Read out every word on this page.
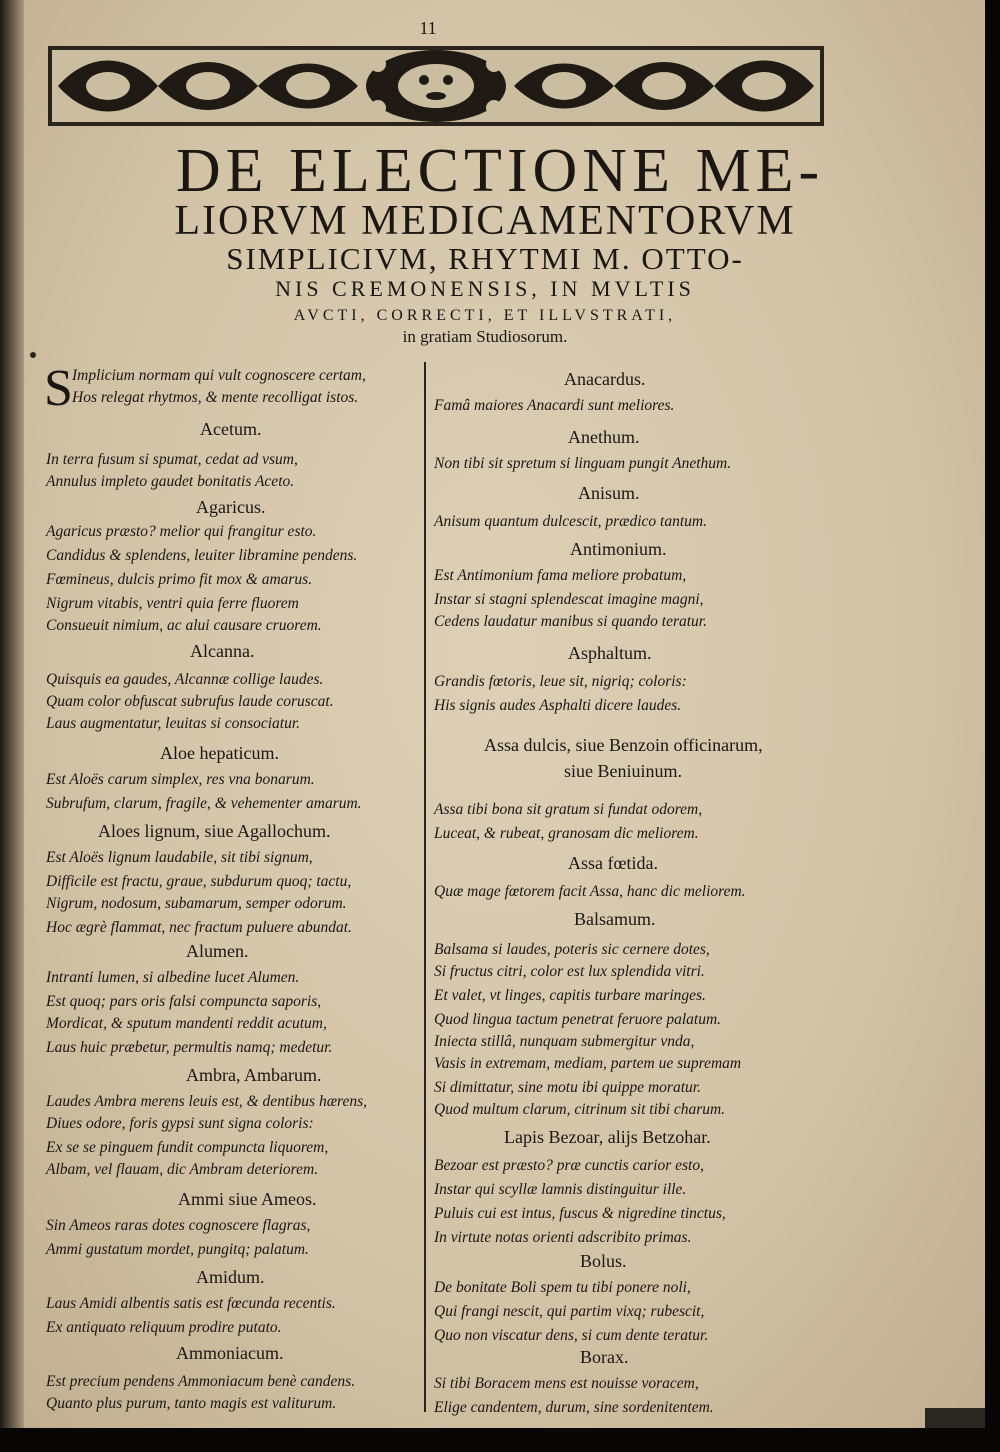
11
DE ELECTIONE ME-
LIORVM MEDICAMENTORVM
SIMPLICIVM, RHYTMI M. OTTO-
NIS CREMONENSIS, IN MVLTIS
AVCTI, CORRECTI, ET ILLVSTRATI,
in gratiam Studiosorum.
S Implicium normam qui vult cognoscere certam,
Hos relegat rhytmos, & mente recolligat istos.
Acetum.
In terra fusum si spumat, cedat ad vsum,
Annulus impleto gaudet bonitatis Aceto.
Agaricus.
Agaricus præsto? melior qui frangitur esto.
Candidus & splendens, leuiter libramine pendens.
Fœmineus, dulcis primo fit mox & amarus.
Nigrum vitabis, ventri quia ferre fluorem
Consueuit nimium, ac alui causare cruorem.
Alcanna.
Quisquis ea gaudes, Alcannæ collige laudes.
Quam color obfuscat subrufus laude coruscat.
Laus augmentatur, leuitas si consociatur.
Aloe hepaticum.
Est Aloës carum simplex, res vna bonarum.
Subrufum, clarum, fragile, & vehementer amarum.
Aloes lignum, siue Agallochum.
Est Aloës lignum laudabile, sit tibi signum,
Difficile est fractu, graue, subdurum quoq; tactu,
Nigrum, nodosum, subamarum, semper odorum.
Hoc ægrè flammat, nec fractum puluere abundat.
Alumen.
Intranti lumen, si albedine lucet Alumen.
Est quoq; pars oris falsi compuncta saporis,
Mordicat, & sputum mandenti reddit acutum,
Laus huic præbetur, permultis namq; medetur.
Ambra, Ambarum.
Laudes Ambra merens leuis est, & dentibus hærens,
Diues odore, foris gypsi sunt signa coloris:
Ex se se pinguem fundit compuncta liquorem,
Albam, vel flauam, dic Ambram deteriorem.
Ammi siue Ameos.
Sin Ameos raras dotes cognoscere flagras,
Ammi gustatum mordet, pungitq; palatum.
Amidum.
Laus Amidi albentis satis est fœcunda recentis.
Ex antiquato reliquum prodire putato.
Ammoniacum.
Est precium pendens Ammoniacum benè candens.
Quanto plus purum, tanto magis est valiturum.
Anacardus.
Famâ maiores Anacardi sunt meliores.
Anethum.
Non tibi sit spretum si linguam pungit Anethum.
Anisum.
Anisum quantum dulcescit, prædico tantum.
Antimonium.
Est Antimonium fama meliore probatum,
Instar si stagni splendescat imagine magni,
Cedens laudatur manibus si quando teratur.
Asphaltum.
Grandis fœtoris, leue sit, nigriq; coloris:
His signis audes Asphalti dicere laudes.
Assa dulcis, siue Benzoin officinarum,
siue Beniuinum.
Assa tibi bona sit gratum si fundat odorem,
Luceat, & rubeat, granosam dic meliorem.
Assa fœtida.
Quæ mage fœtorem facit Assa, hanc dic meliorem.
Balsamum.
Balsama si laudes, poteris sic cernere dotes,
Si fructus citri, color est lux splendida vitri.
Et valet, vt linges, capitis turbare maringes.
Quod lingua tactum penetrat feruore palatum.
Iniecta stillâ, nunquam submergitur vnda,
Vasis in extremam, mediam, partem ue supremam
Si dimittatur, sine motu ibi quippe moratur.
Quod multum clarum, citrinum sit tibi charum.
Lapis Bezoar, alijs Betzohar.
Bezoar est præsto? præ cunctis carior esto,
Instar qui scyllæ lamnis distinguitur ille.
Puluis cui est intus, fuscus & nigredine tinctus,
In virtute notas orienti adscribito primas.
Bolus.
De bonitate Boli spem tu tibi ponere noli,
Qui frangi nescit, qui partim vixq; rubescit,
Quo non viscatur dens, si cum dente teratur.
Borax.
Si tibi Boracem mens est nouisse voracem,
Elige candentem, durum, sine sordenitentem.
